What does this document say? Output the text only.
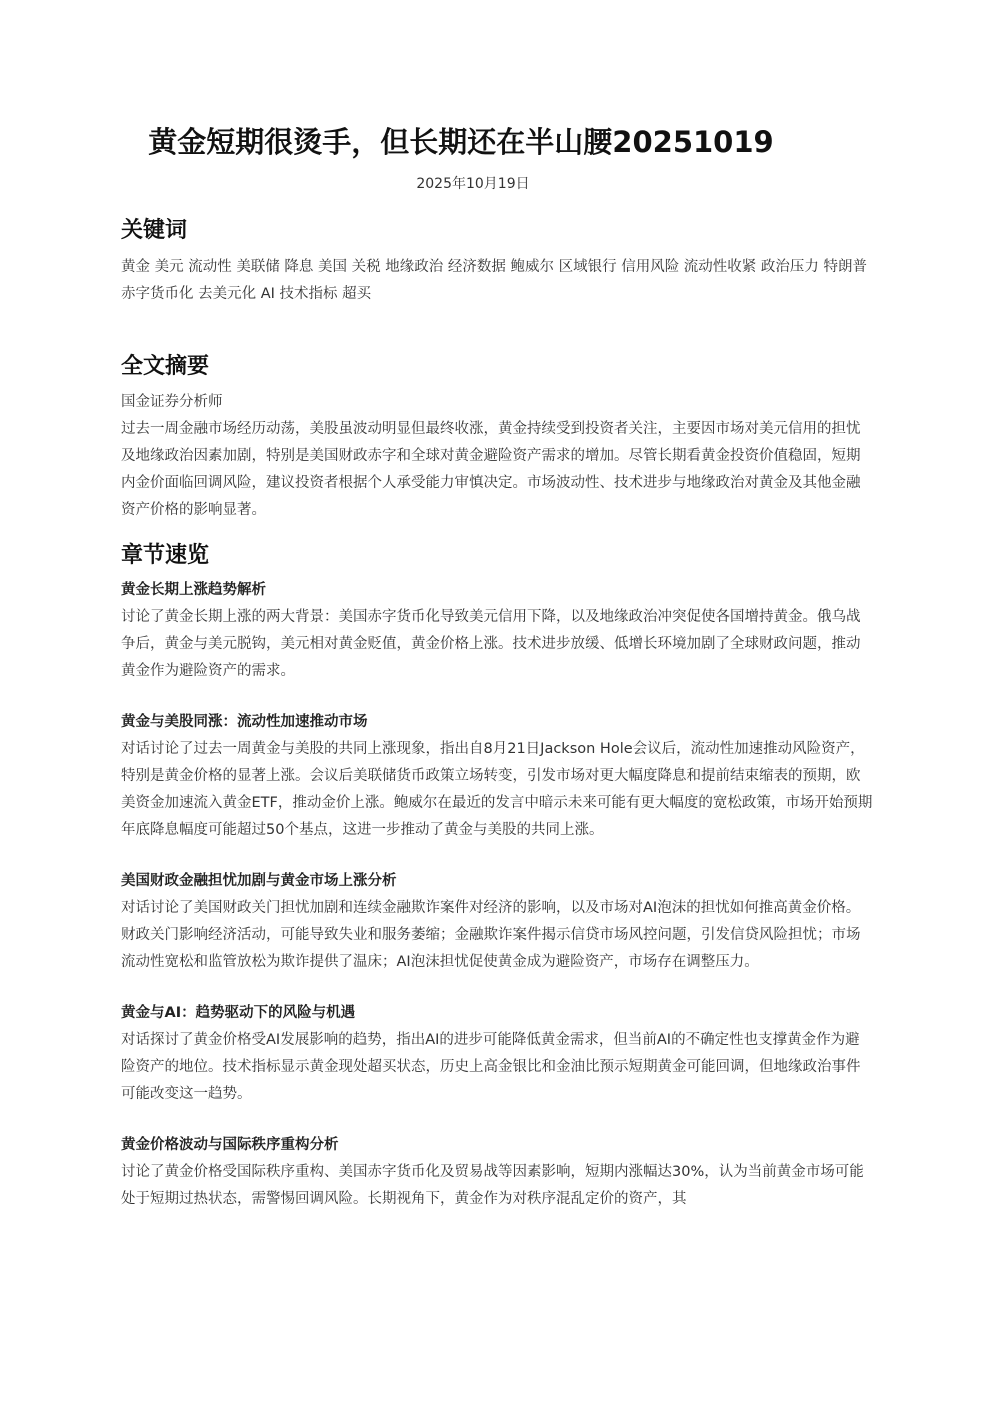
黄金短期很烫手，但长期还在半山腰20251019
2025年10月19日
关键词

黄金 美元 流动性 美联储 降息 美国 关税 地缘政治 经济数据 鲍威尔 区域银行 信用风险 流动性收紧 政治压力 特朗普 赤字货币化 去美元化 AI 技术指标 超买

全文摘要

国金证券分析师

过去一周金融市场经历动荡，美股虽波动明显但最终收涨，黄金持续受到投资者关注，主要因市场对美元信用的担忧及地缘政治因素加剧，特别是美国财政赤字和全球对黄金避险资产需求的增加。尽管长期看黄金投资价值稳固，短期内金价面临回调风险，建议投资者根据个人承受能力审慎决定。市场波动性、技术进步与地缘政治对黄金及其他金融资产价格的影响显著。

章节速览

黄金长期上涨趋势解析

讨论了黄金长期上涨的两大背景：美国赤字货币化导致美元信用下降，以及地缘政治冲突促使各国增持黄金。俄乌战争后，黄金与美元脱钩，美元相对黄金贬值，黄金价格上涨。技术进步放缓、低增长环境加剧了全球财政问题，推动黄金作为避险资产的需求。

黄金与美股同涨：流动性加速推动市场

对话讨论了过去一周黄金与美股的共同上涨现象，指出自8月21日Jackson Hole会议后，流动性加速推动风险资产，特别是黄金价格的显著上涨。会议后美联储货币政策立场转变，引发市场对更大幅度降息和提前结束缩表的预期，欧美资金加速流入黄金ETF，推动金价上涨。鲍威尔在最近的发言中暗示未来可能有更大幅度的宽松政策，市场开始预期年底降息幅度可能超过50个基点，这进一步推动了黄金与美股的共同上涨。

美国财政金融担忧加剧与黄金市场上涨分析

对话讨论了美国财政关门担忧加剧和连续金融欺诈案件对经济的影响，以及市场对AI泡沫的担忧如何推高黄金价格。财政关门影响经济活动，可能导致失业和服务萎缩；金融欺诈案件揭示信贷市场风控问题，引发信贷风险担忧；市场流动性宽松和监管放松为欺诈提供了温床；AI泡沫担忧促使黄金成为避险资产，市场存在调整压力。

黄金与AI：趋势驱动下的风险与机遇

对话探讨了黄金价格受AI发展影响的趋势，指出AI的进步可能降低黄金需求，但当前AI的不确定性也支撑黄金作为避险资产的地位。技术指标显示黄金现处超买状态，历史上高金银比和金油比预示短期黄金可能回调，但地缘政治事件可能改变这一趋势。

黄金价格波动与国际秩序重构分析

讨论了黄金价格受国际秩序重构、美国赤字货币化及贸易战等因素影响，短期内涨幅达30%，认为当前黄金市场可能处于短期过热状态，需警惕回调风险。长期视角下，黄金作为对秩序混乱定价的资产，其
